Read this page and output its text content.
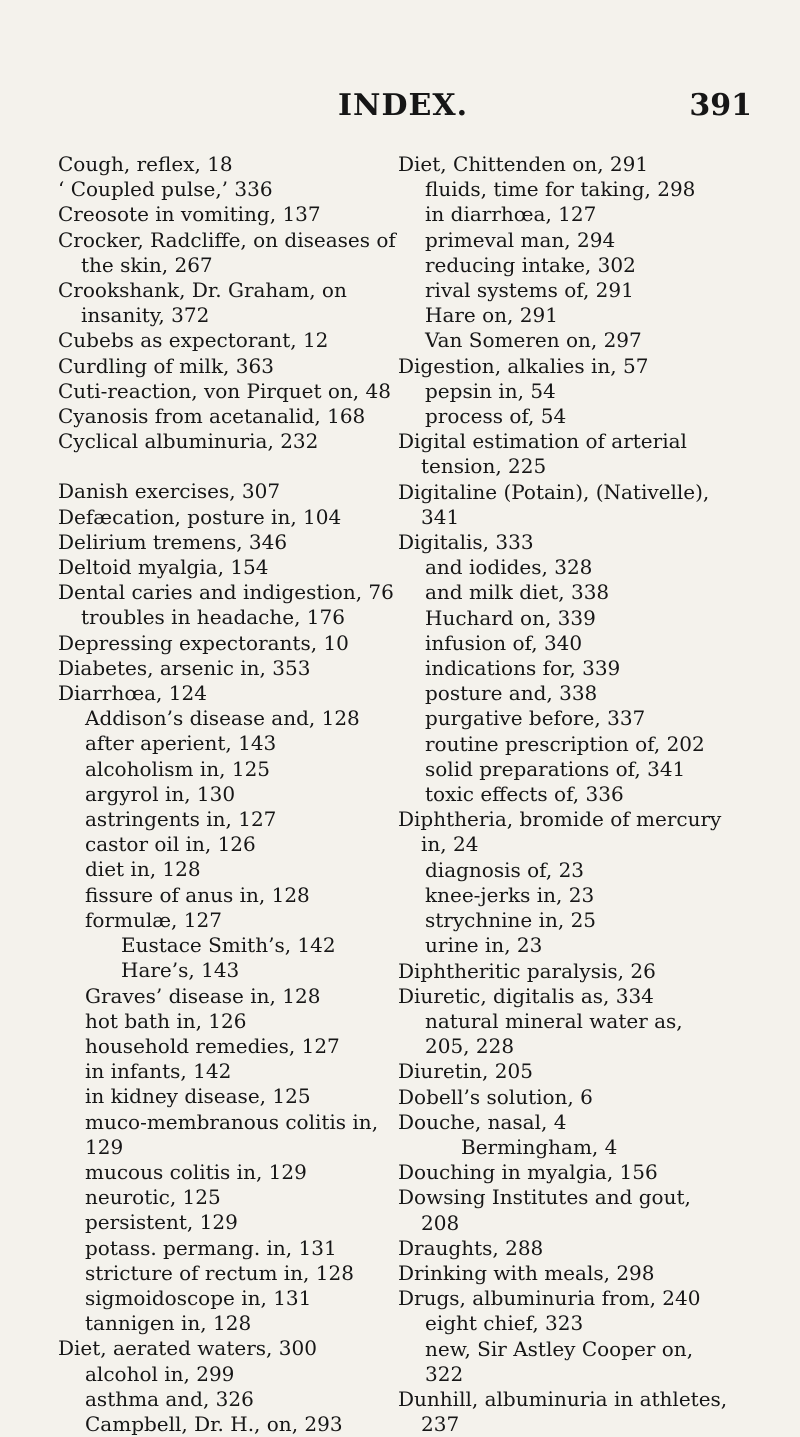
INDEX.	391
Cough, reflex, 18
‘ Coupled pulse,’ 336
Creosote in vomiting, 137
Crocker, Radcliffe, on diseases of
the skin, 267
Crookshank, Dr. Graham, on
insanity, 372
Cubebs as expectorant, 12
Curdling of milk, 363
Cuti-reaction, von Pirquet on, 48
Cyanosis from acetanalid, 168
Cyclical albuminuria, 232
Danish exercises, 307
Defæcation, posture in, 104
Delirium tremens, 346
Deltoid myalgia, 154
Dental caries and indigestion, 76
troubles in headache, 176
Depressing expectorants, 10
Diabetes, arsenic in, 353
Diarrhœa, 124
Addison’s disease and, 128
after aperient, 143
alcoholism in, 125
argyrol in, 130
astringents in, 127
castor oil in, 126
diet in, 128
fissure of anus in, 128
formulæ, 127
Eustace Smith’s, 142
Hare’s, 143
Graves’ disease in, 128
hot bath in, 126
household remedies, 127
in infants, 142
in kidney disease, 125
muco-membranous colitis in,
129
mucous colitis in, 129
neurotic, 125
persistent, 129
potass. permang. in, 131
stricture of rectum in, 128
sigmoidoscope in, 131
tannigen in, 128
Diet, aerated waters, 300
alcohol in, 299
asthma and, 326
Campbell, Dr. H., on, 293
Diet, Chittenden on, 291
fluids, time for taking, 298
in diarrhœa, 127
primeval man, 294
reducing intake, 302
rival systems of, 291
Hare on, 291
Van Someren on, 297
Digestion, alkalies in, 57
pepsin in, 54
process of, 54
Digital estimation of arterial
tension, 225
Digitaline (Potain), (Nativelle),
341
Digitalis, 333
and iodides, 328
and milk diet, 338
Huchard on, 339
infusion of, 340
indications for, 339
posture and, 338
purgative before, 337
routine prescription of, 202
solid preparations of, 341
toxic effects of, 336
Diphtheria, bromide of mercury
in, 24
diagnosis of, 23
knee-jerks in, 23
strychnine in, 25
urine in, 23
Diphtheritic paralysis, 26
Diuretic, digitalis as, 334
natural mineral water as,
205, 228
Diuretin, 205
Dobell’s solution, 6
Douche, nasal, 4
Bermingham, 4
Douching in myalgia, 156
Dowsing Institutes and gout,
208
Draughts, 288
Drinking with meals, 298
Drugs, albuminuria from, 240
eight chief, 323
new, Sir Astley Cooper on,
322
Dunhill, albuminuria in athletes,
237
